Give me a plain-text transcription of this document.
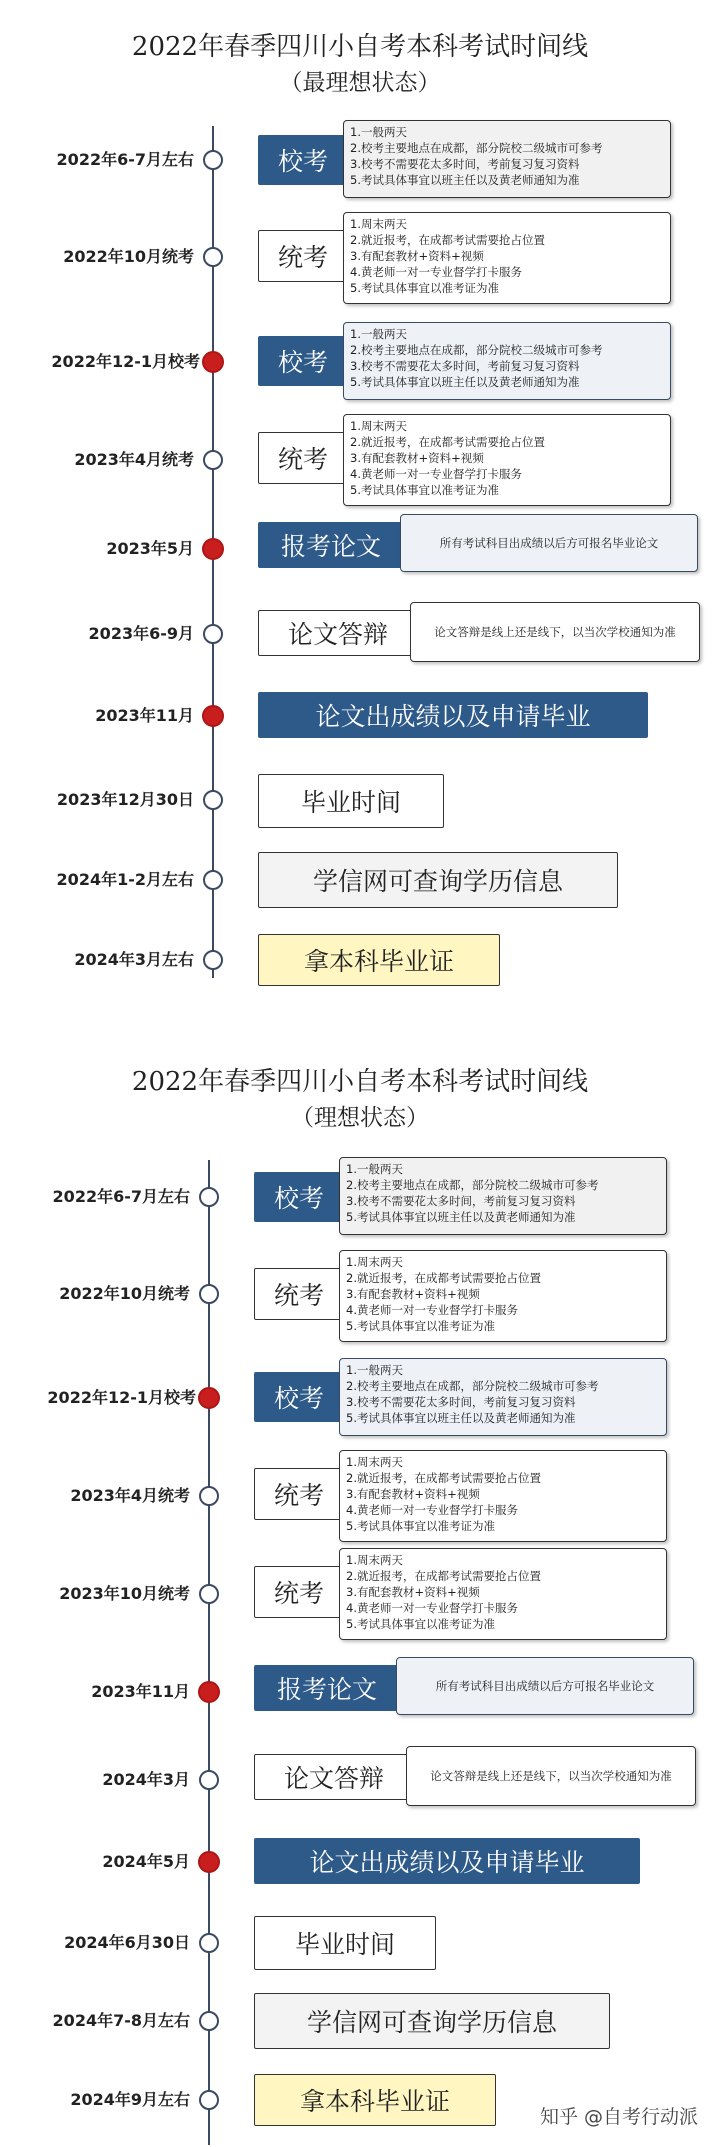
2022年春季四川小自考本科考试时间线
（最理想状态）
2022年6-7月左右	校考
1.一般两天
2.校考主要地点在成都，部分院校二级城市可参考
3.校考不需要花太多时间，考前复习复习资料
5.考试具体事宜以班主任以及黄老师通知为准
2022年10月统考	统考
1.周末两天
2.就近报考，在成都考试需要抢占位置
3.有配套教材+资料+视频
4.黄老师一对一专业督学打卡服务
5.考试具体事宜以准考证为准
2022年12-1月校考	校考
1.一般两天
2.校考主要地点在成都，部分院校二级城市可参考
3.校考不需要花太多时间，考前复习复习资料
5.考试具体事宜以班主任以及黄老师通知为准
2023年4月统考	统考
1.周末两天
2.就近报考，在成都考试需要抢占位置
3.有配套教材+资料+视频
4.黄老师一对一专业督学打卡服务
5.考试具体事宜以准考证为准
2023年5月	报考论文	所有考试科目出成绩以后方可报名毕业论文
2023年6-9月	论文答辩	论文答辩是线上还是线下，以当次学校通知为准
2023年11月	论文出成绩以及申请毕业
2023年12月30日	毕业时间
2024年1-2月左右	学信网可查询学历信息
2024年3月左右	拿本科毕业证
2022年春季四川小自考本科考试时间线
（理想状态）
2022年6-7月左右	校考
1.一般两天
2.校考主要地点在成都，部分院校二级城市可参考
3.校考不需要花太多时间，考前复习复习资料
5.考试具体事宜以班主任以及黄老师通知为准
2022年10月统考	统考
1.周末两天
2.就近报考，在成都考试需要抢占位置
3.有配套教材+资料+视频
4.黄老师一对一专业督学打卡服务
5.考试具体事宜以准考证为准
2022年12-1月校考	校考
1.一般两天
2.校考主要地点在成都，部分院校二级城市可参考
3.校考不需要花太多时间，考前复习复习资料
5.考试具体事宜以班主任以及黄老师通知为准
2023年4月统考	统考
1.周末两天
2.就近报考，在成都考试需要抢占位置
3.有配套教材+资料+视频
4.黄老师一对一专业督学打卡服务
5.考试具体事宜以准考证为准
2023年10月统考	统考
1.周末两天
2.就近报考，在成都考试需要抢占位置
3.有配套教材+资料+视频
4.黄老师一对一专业督学打卡服务
5.考试具体事宜以准考证为准
2023年11月	报考论文	所有考试科目出成绩以后方可报名毕业论文
2024年3月	论文答辩	论文答辩是线上还是线下，以当次学校通知为准
2024年5月	论文出成绩以及申请毕业
2024年6月30日	毕业时间
2024年7-8月左右	学信网可查询学历信息
2024年9月左右	拿本科毕业证
知乎 @自考行动派
